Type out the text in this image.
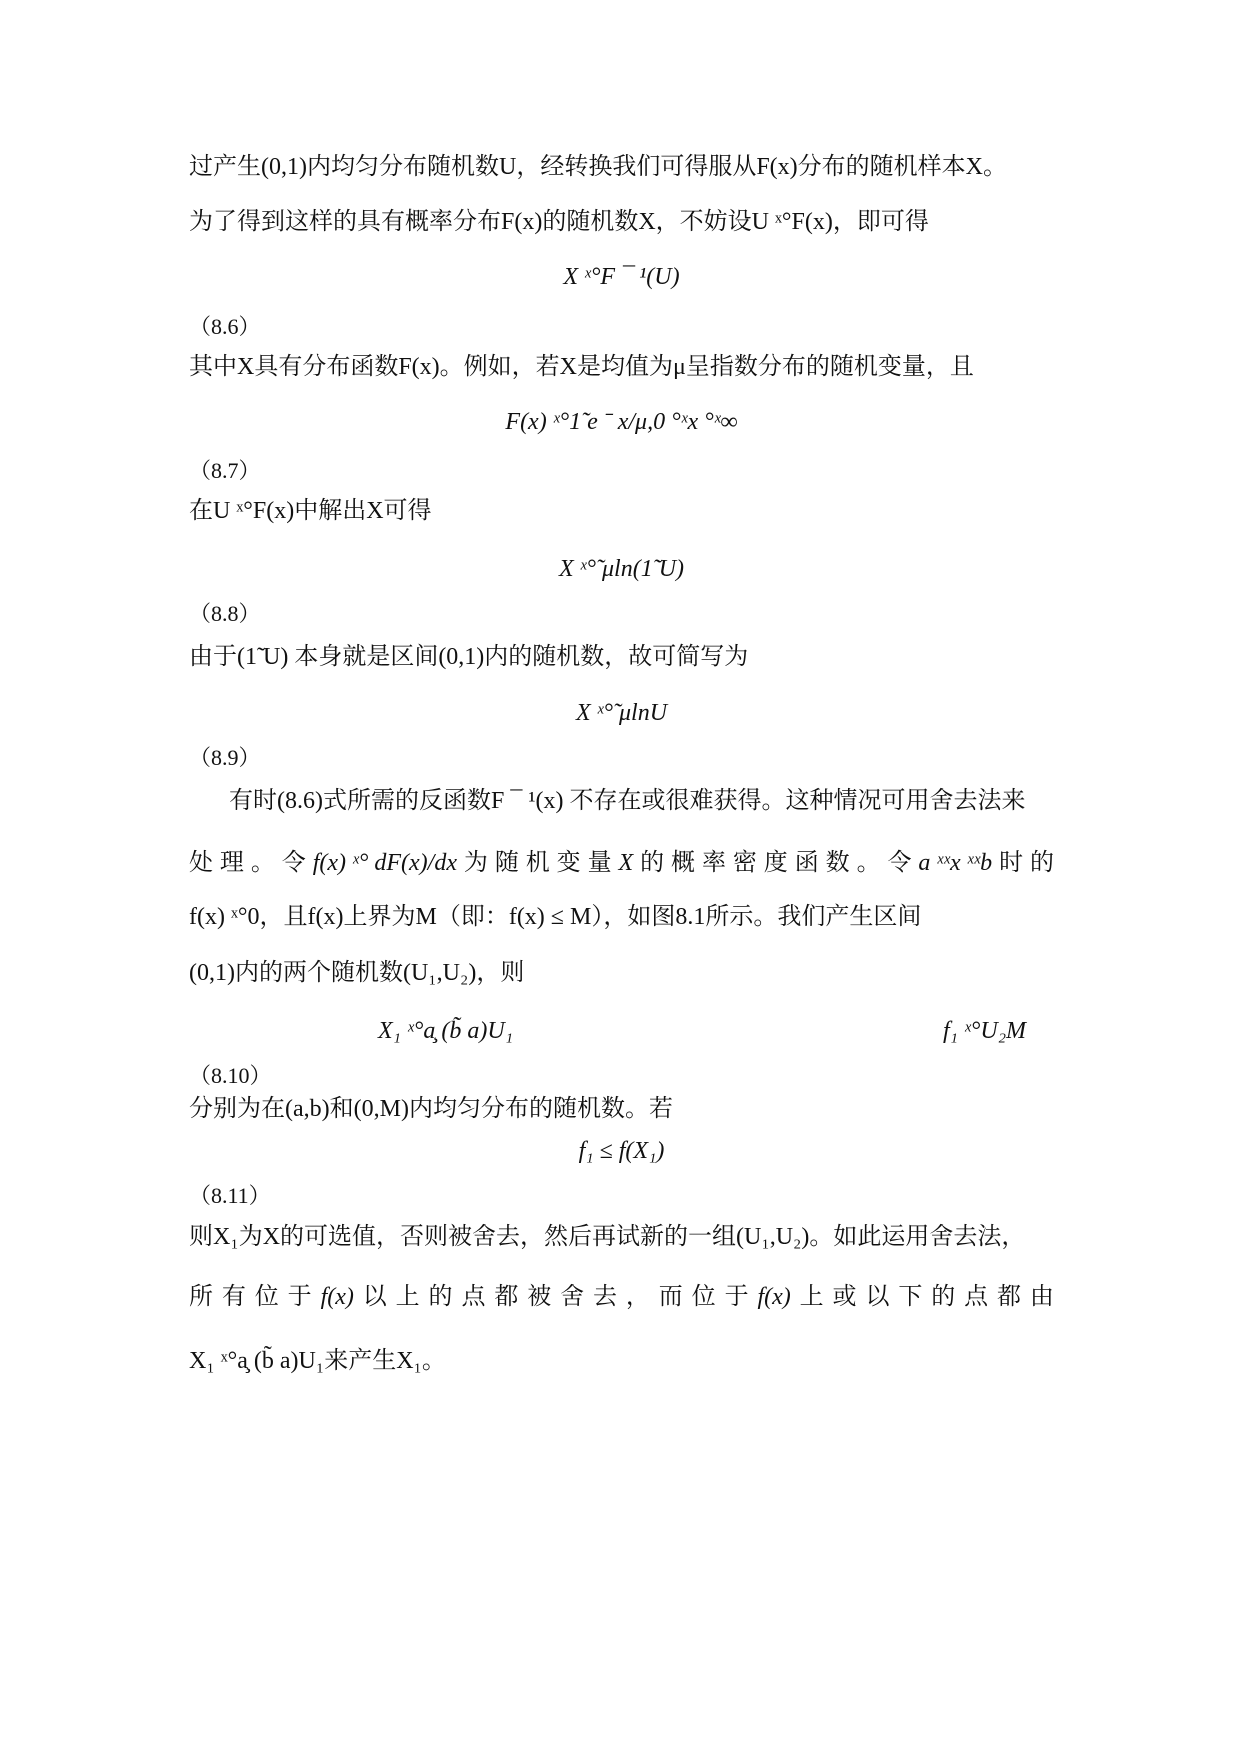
过产生(0,1)内均匀分布随机数U，经转换我们可得服从F(x)分布的随机样本X。
为了得到这样的具有概率分布F(x)的随机数X，不妨设U ˣ°F(x)，即可得
X ˣ°F ¯ ¹(U)
（8.6）
其中X具有分布函数F(x)。例如，若X是均值为μ呈指数分布的随机变量，且
F(x) ˣ°1̃ e ˉ x/μ,0 °ˣx °ˣ∞
（8.7）
在U ˣ°F(x)中解出X可得
X ˣ°̃ μln(1̃ U)
（8.8）
由于(1̃ U) 本身就是区间(0,1)内的随机数，故可简写为
X ˣ°̃ μlnU
（8.9）
有时(8.6)式所需的反函数F ¯ ¹(x) 不存在或很难获得。这种情况可用舍去法来
处 理 。 令 f(x) ˣ° dF(x)/dx 为 随 机 变 量 X 的 概 率 密 度 函 数 。 令 a ˣˣx ˣˣb 时 的
f(x) ˣ°0，且f(x)上界为M（即：f(x) ≤ M），如图8.1所示。我们产生区间
(0,1)内的两个随机数(U₁,U₂)，则
X₁ ˣ°a̧ (b̃ a)U₁	f₁ ˣ°U₂M
（8.10）
分别为在(a,b)和(0,M)内均匀分布的随机数。若
f₁ ≤ f(X₁)
（8.11）
则X₁为X的可选值，否则被舍去，然后再试新的一组(U₁,U₂)。如此运用舍去法，
所 有 位 于 f(x) 以 上 的 点 都 被 舍 去 ， 而 位 于 f(x) 上 或 以 下 的 点 都 由
X₁ ˣ°a̧ (b̃ a)U₁来产生X₁。
